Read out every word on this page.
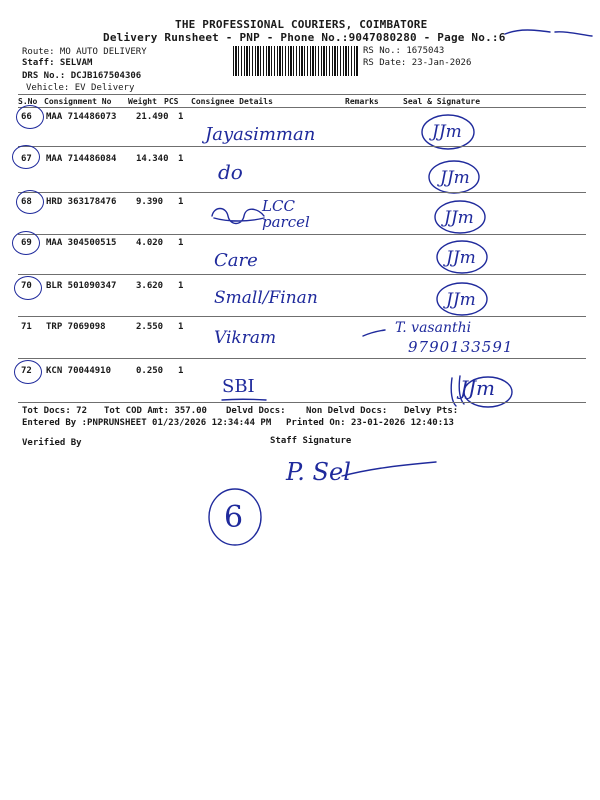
THE PROFESSIONAL COURIERS, COIMBATORE
Delivery Runsheet - PNP - Phone No.:9047080280 - Page No.:6
Route: MO AUTO DELIVERY
Staff: SELVAM
DRS No.: DCJB167504306
Vehicle: EV Delivery
RS No.: 1675043
RS Date: 23-Jan-2026
S.No Consignment No Weight PCS Consignee Details	Remarks	Seal & Signature
66 MAA 714486073 21.490 1
Jayasimman	JJm
67 MAA 714486084 14.340 1
do	JJm
68 HRD 363178476 9.390 1	LCC parcel	JJm
69 MAA 304500515 4.020 1
Care	JJm
70 BLR 501090347 3.620 1
Small/Finan	JJm
71 TRP 7069098	2.550 1
Vikram	T. vasanthi
9790133591
72 KCN 70044910	0.250 1
SBI	JJm
Tot Docs: 72 Tot COD Amt: 357.00 Delvd Docs: Non Delvd Docs: Delvy Pts:
Entered By :PNPRUNSHEET 01/23/2026 12:34:44 PM Printed On: 23-01-2026 12:40:13
Verified By	Staff Signature
P. Sel
6
